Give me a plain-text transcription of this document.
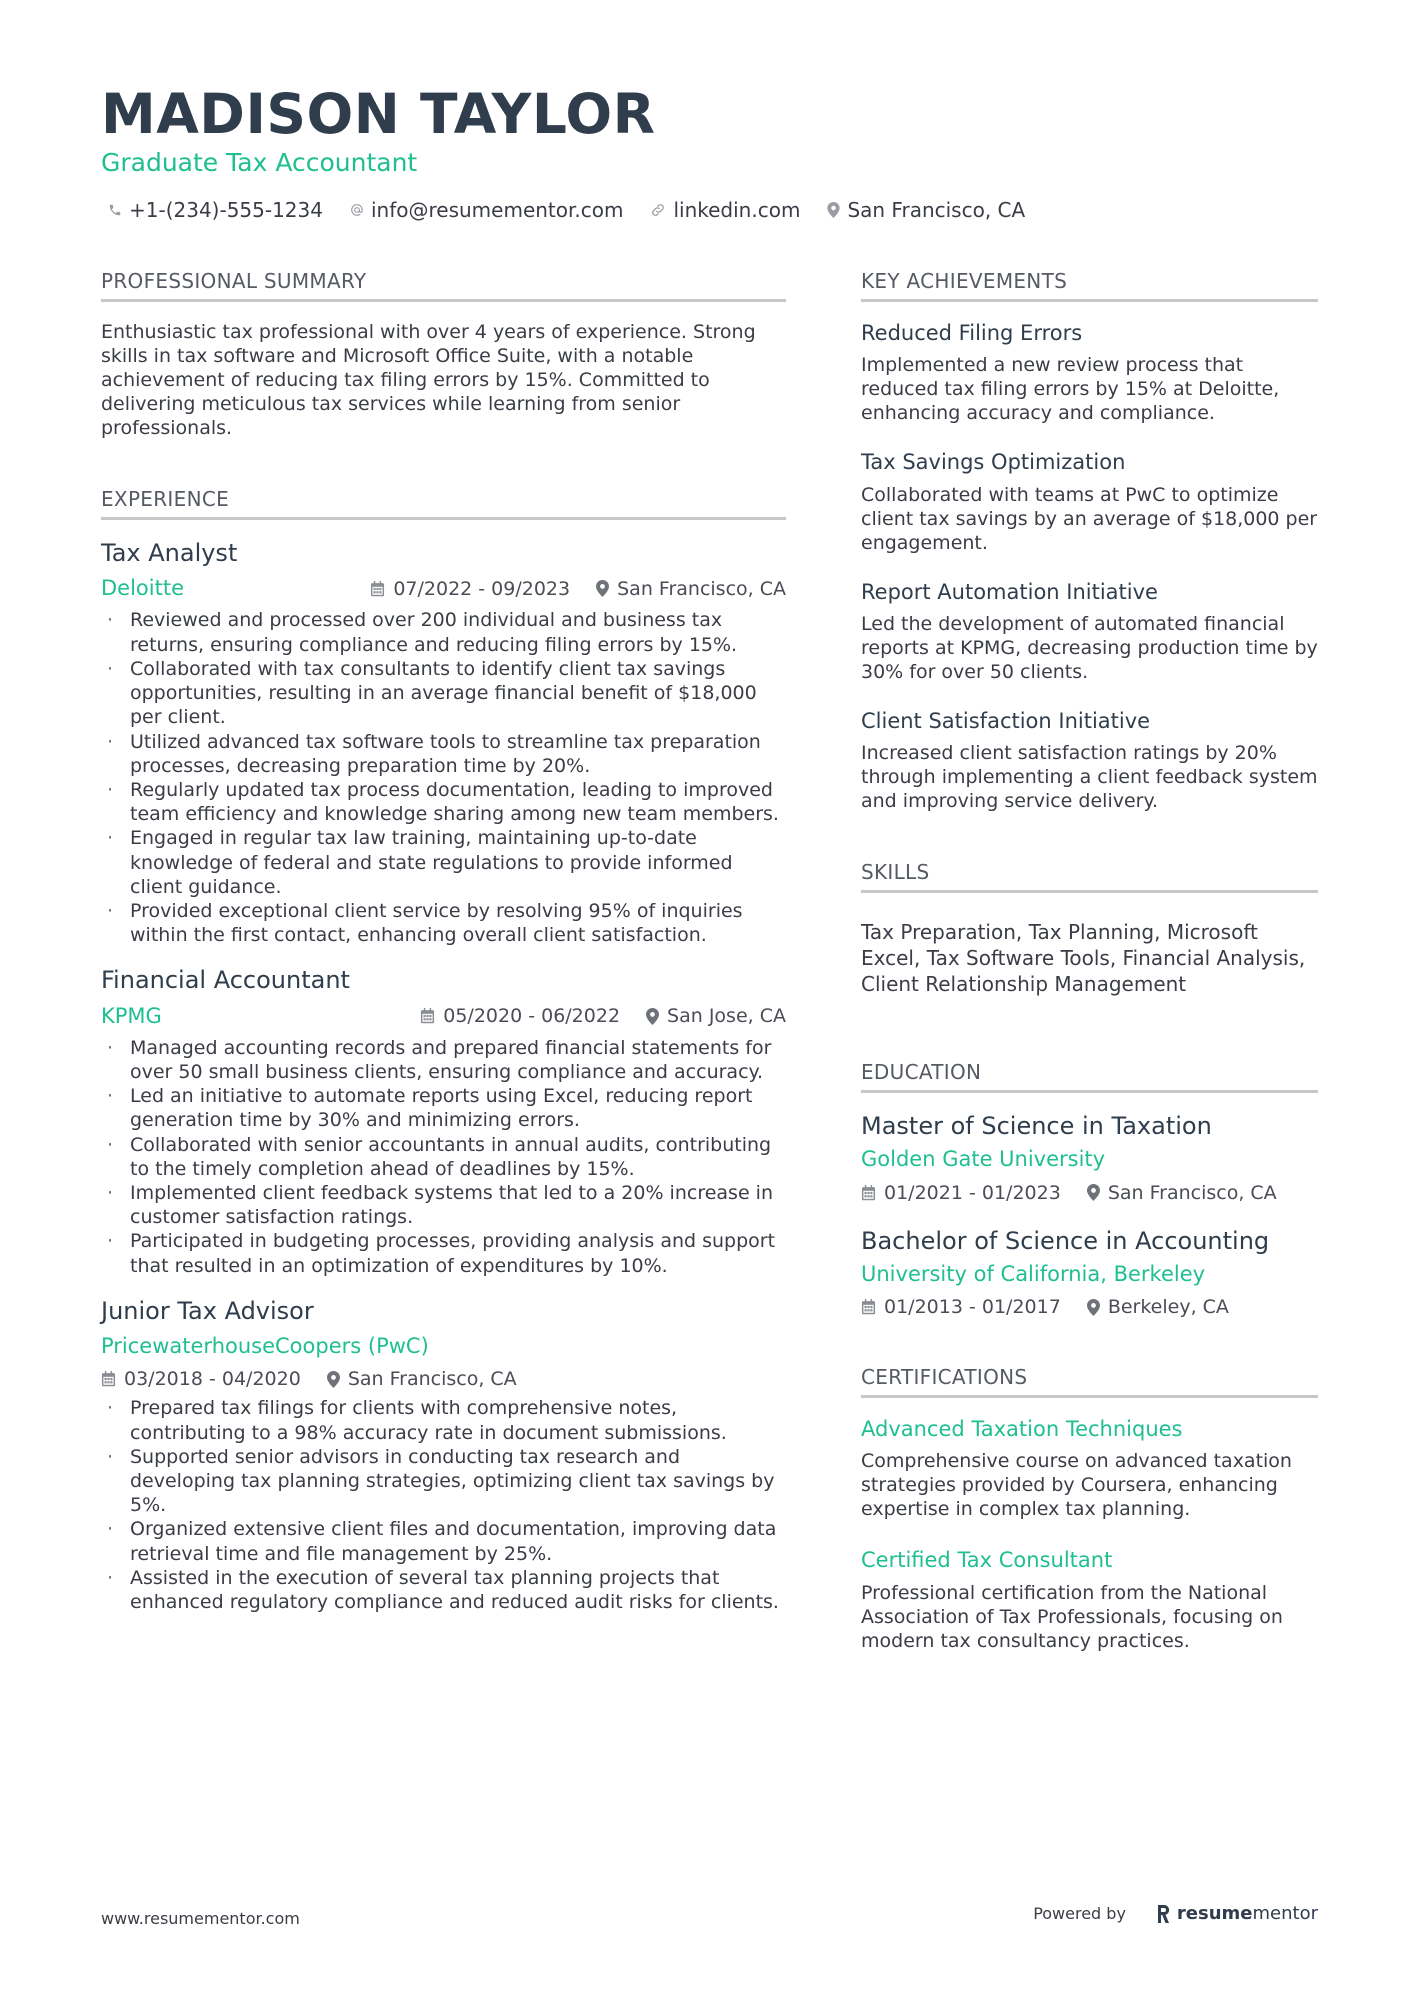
MADISON TAYLOR
Graduate Tax Accountant
+1-(234)-555-1234 info@resumementor.com	linkedin.com San Francisco, CA
PROFESSIONAL SUMMARY

Enthusiastic tax professional with over 4 years of experience. Strong skills in tax software and Microsoft Office Suite, with a notable achievement of reducing tax filing errors by 15%. Committed to delivering meticulous tax services while learning from senior professionals.

EXPERIENCE
Tax Analyst
Deloitte	07/2022 - 09/2023 San Francisco, CA
· Reviewed and processed over 200 individual and business tax returns, ensuring compliance and reducing filing errors by 15%.
· Collaborated with tax consultants to identify client tax savings opportunities, resulting in an average financial benefit of $18,000 per client.
· Utilized advanced tax software tools to streamline tax preparation processes, decreasing preparation time by 20%.
· Regularly updated tax process documentation, leading to improved team efficiency and knowledge sharing among new team members.
· Engaged in regular tax law training, maintaining up-to-date knowledge of federal and state regulations to provide informed client guidance.
· Provided exceptional client service by resolving 95% of inquiries within the first contact, enhancing overall client satisfaction.
Financial Accountant
KPMG	05/2020 - 06/2022 San Jose, CA
· Managed accounting records and prepared financial statements for over 50 small business clients, ensuring compliance and accuracy.
· Led an initiative to automate reports using Excel, reducing report generation time by 30% and minimizing errors.
· Collaborated with senior accountants in annual audits, contributing to the timely completion ahead of deadlines by 15%.
· Implemented client feedback systems that led to a 20% increase in customer satisfaction ratings.
· Participated in budgeting processes, providing analysis and support that resulted in an optimization of expenditures by 10%.
Junior Tax Advisor
PricewaterhouseCoopers (PwC)
03/2018 - 04/2020 San Francisco, CA
· Prepared tax filings for clients with comprehensive notes, contributing to a 98% accuracy rate in document submissions.
· Supported senior advisors in conducting tax research and developing tax planning strategies, optimizing client tax savings by 5%.
· Organized extensive client files and documentation, improving data retrieval time and file management by 25%.
· Assisted in the execution of several tax planning projects that enhanced regulatory compliance and reduced audit risks for clients.
KEY ACHIEVEMENTS
Reduced Filing Errors
Implemented a new review process that reduced tax filing errors by 15% at Deloitte, enhancing accuracy and compliance.
Tax Savings Optimization
Collaborated with teams at PwC to optimize client tax savings by an average of $18,000 per engagement.
Report Automation Initiative
Led the development of automated financial reports at KPMG, decreasing production time by 30% for over 50 clients.
Client Satisfaction Initiative
Increased client satisfaction ratings by 20% through implementing a client feedback system and improving service delivery.
SKILLS
Tax Preparation, Tax Planning, Microsoft Excel, Tax Software Tools, Financial Analysis, Client Relationship Management
EDUCATION
Master of Science in Taxation
Golden Gate University
01/2021 - 01/2023 San Francisco, CA
Bachelor of Science in Accounting
University of California, Berkeley
01/2013 - 01/2017 Berkeley, CA
CERTIFICATIONS
Advanced Taxation Techniques
Comprehensive course on advanced taxation strategies provided by Coursera, enhancing expertise in complex tax planning.
Certified Tax Consultant
Professional certification from the National Association of Tax Professionals, focusing on modern tax consultancy practices.
www.resumementor.com	Powered by	resume mentor
